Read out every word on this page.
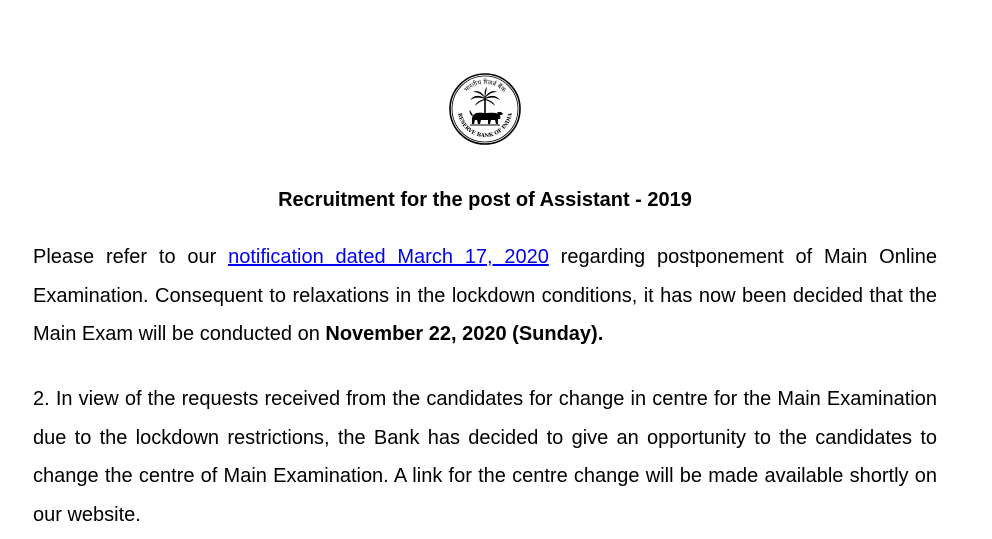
भारतीय रिज़र्व बैंक
RESERVE BANK OF INDIA
Recruitment for the post of Assistant - 2019

Please refer to our notification dated March 17, 2020 regarding postponement of Main Online Examination. Consequent to relaxations in the lockdown conditions, it has now been decided that the Main Exam will be conducted on November 22, 2020 (Sunday).

2. In view of the requests received from the candidates for change in centre for the Main Examination due to the lockdown restrictions, the Bank has decided to give an opportunity to the candidates to change the centre of Main Examination. A link for the centre change will be made available shortly on our website.
